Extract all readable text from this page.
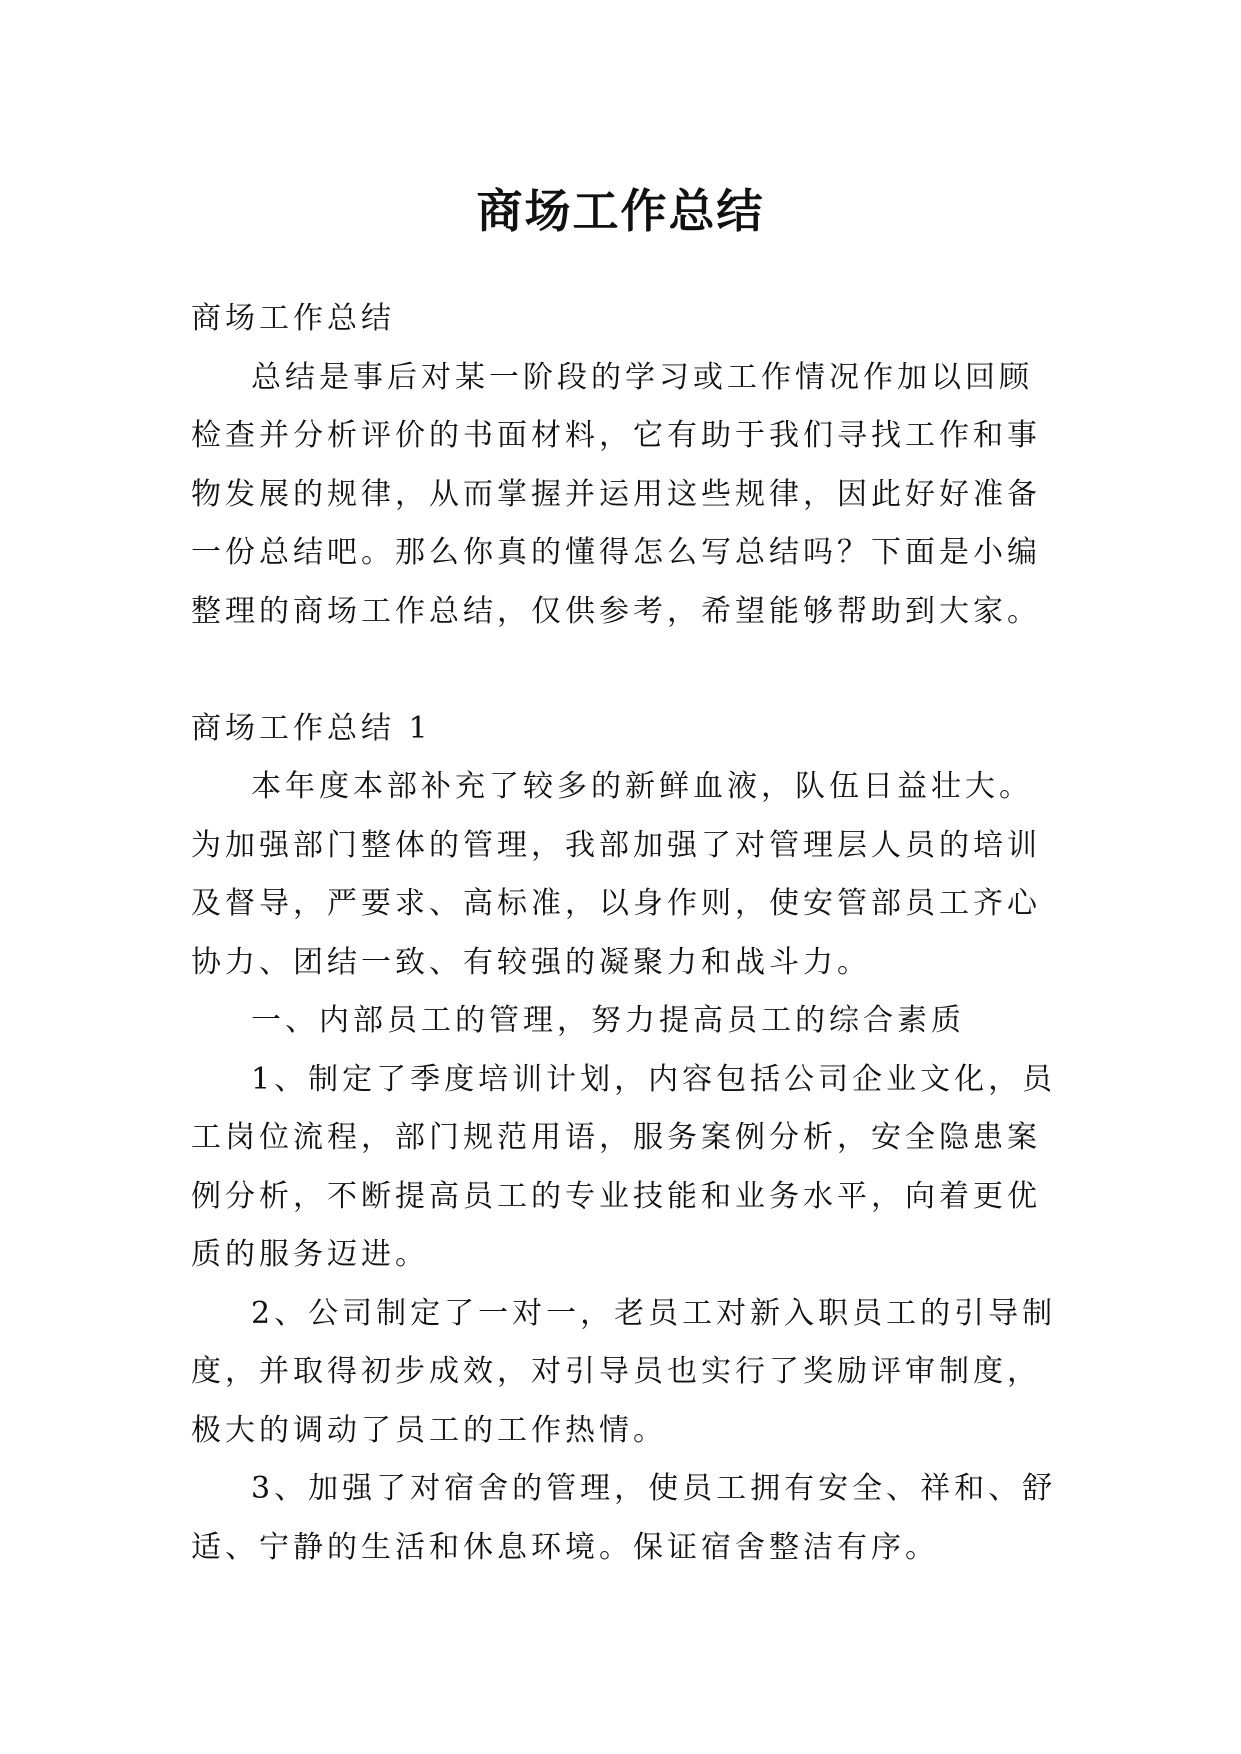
商场工作总结
商场工作总结

总结是事后对某一阶段的学习或工作情况作加以回顾检查并分析评价的书面材料，它有助于我们寻找工作和事物发展的规律，从而掌握并运用这些规律，因此好好准备一份总结吧。那么你真的懂得怎么写总结吗？下面是小编整理的商场工作总结，仅供参考，希望能够帮助到大家。

商场工作总结 1

本年度本部补充了较多的新鲜血液，队伍日益壮大。为加强部门整体的管理，我部加强了对管理层人员的培训及督导，严要求、高标准，以身作则，使安管部员工齐心协力、团结一致、有较强的凝聚力和战斗力。

一、内部员工的管理，努力提高员工的综合素质

1、制定了季度培训计划，内容包括公司企业文化，员工岗位流程，部门规范用语，服务案例分析，安全隐患案例分析，不断提高员工的专业技能和业务水平，向着更优质的服务迈进。

2、公司制定了一对一，老员工对新入职员工的引导制度，并取得初步成效，对引导员也实行了奖励评审制度，极大的调动了员工的工作热情。

3、加强了对宿舍的管理，使员工拥有安全、祥和、舒适、宁静的生活和休息环境。保证宿舍整洁有序。
